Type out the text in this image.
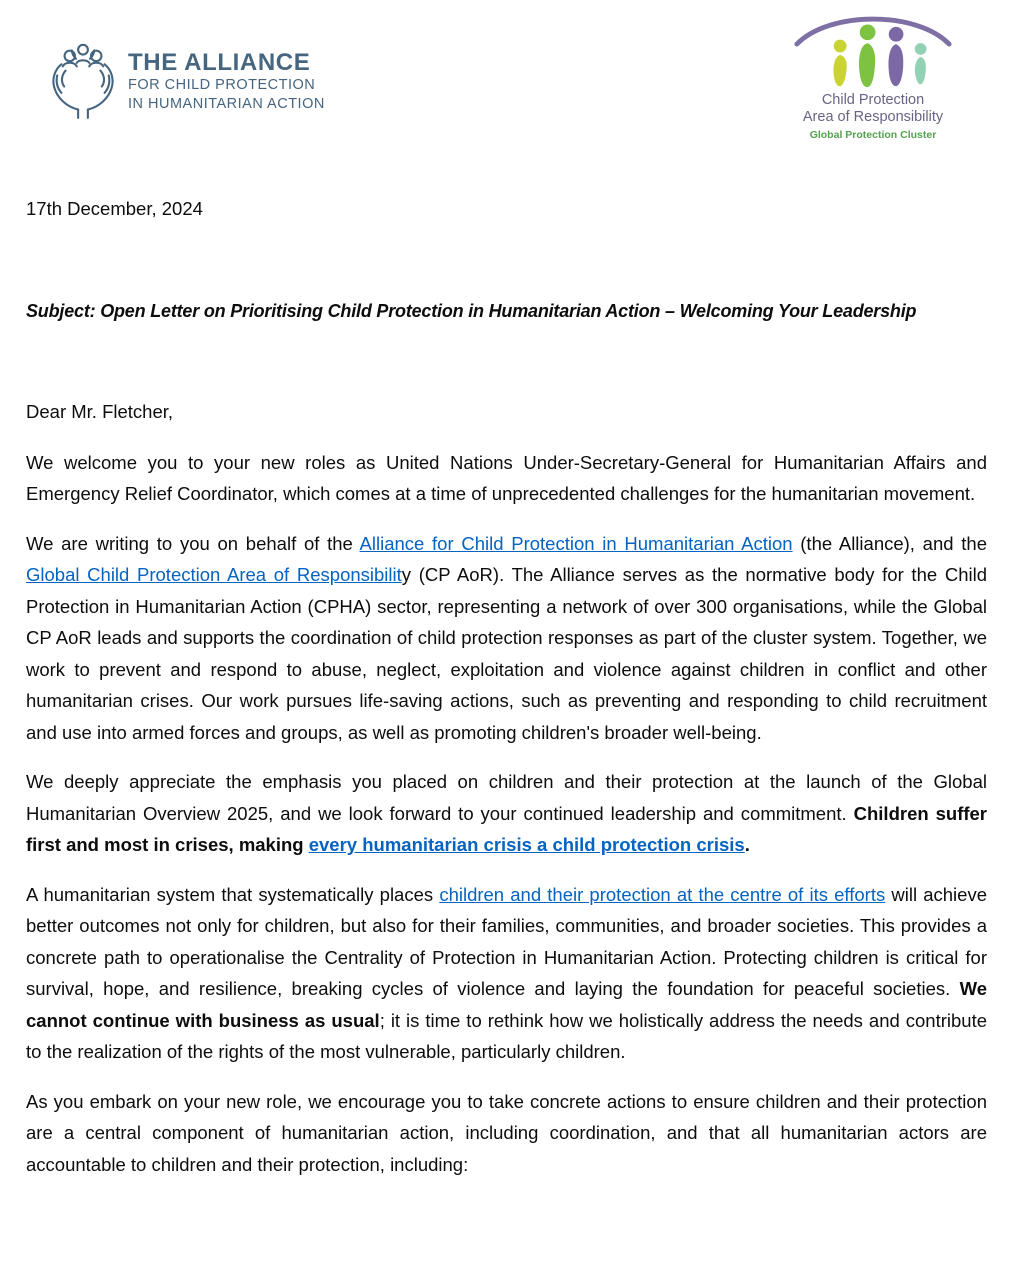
THE ALLIANCE
FOR CHILD PROTECTION
IN HUMANITARIAN ACTION	Child Protection
Area of Responsibility
Global Protection Cluster

17th December, 2024

Subject: Open Letter on Prioritising Child Protection in Humanitarian Action – Welcoming Your Leadership

Dear Mr. Fletcher,

We welcome you to your new roles as United Nations Under-Secretary-General for Humanitarian Affairs and Emergency Relief Coordinator, which comes at a time of unprecedented challenges for the humanitarian movement.

We are writing to you on behalf of the Alliance for Child Protection in Humanitarian Action (the Alliance), and the Global Child Protection Area of Responsibility (CP AoR). The Alliance serves as the normative body for the Child Protection in Humanitarian Action (CPHA) sector, representing a network of over 300 organisations, while the Global CP AoR leads and supports the coordination of child protection responses as part of the cluster system. Together, we work to prevent and respond to abuse, neglect, exploitation and violence against children in conflict and other humanitarian crises. Our work pursues life-saving actions, such as preventing and responding to child recruitment and use into armed forces and groups, as well as promoting children's broader well-being.

We deeply appreciate the emphasis you placed on children and their protection at the launch of the Global Humanitarian Overview 2025, and we look forward to your continued leadership and commitment. Children suffer first and most in crises, making every humanitarian crisis a child protection crisis.

A humanitarian system that systematically places children and their protection at the centre of its efforts will achieve better outcomes not only for children, but also for their families, communities, and broader societies. This provides a concrete path to operationalise the Centrality of Protection in Humanitarian Action. Protecting children is critical for survival, hope, and resilience, breaking cycles of violence and laying the foundation for peaceful societies. We cannot continue with business as usual; it is time to rethink how we holistically address the needs and contribute to the realization of the rights of the most vulnerable, particularly children.

As you embark on your new role, we encourage you to take concrete actions to ensure children and their protection are a central component of humanitarian action, including coordination, and that all humanitarian actors are accountable to children and their protection, including:
